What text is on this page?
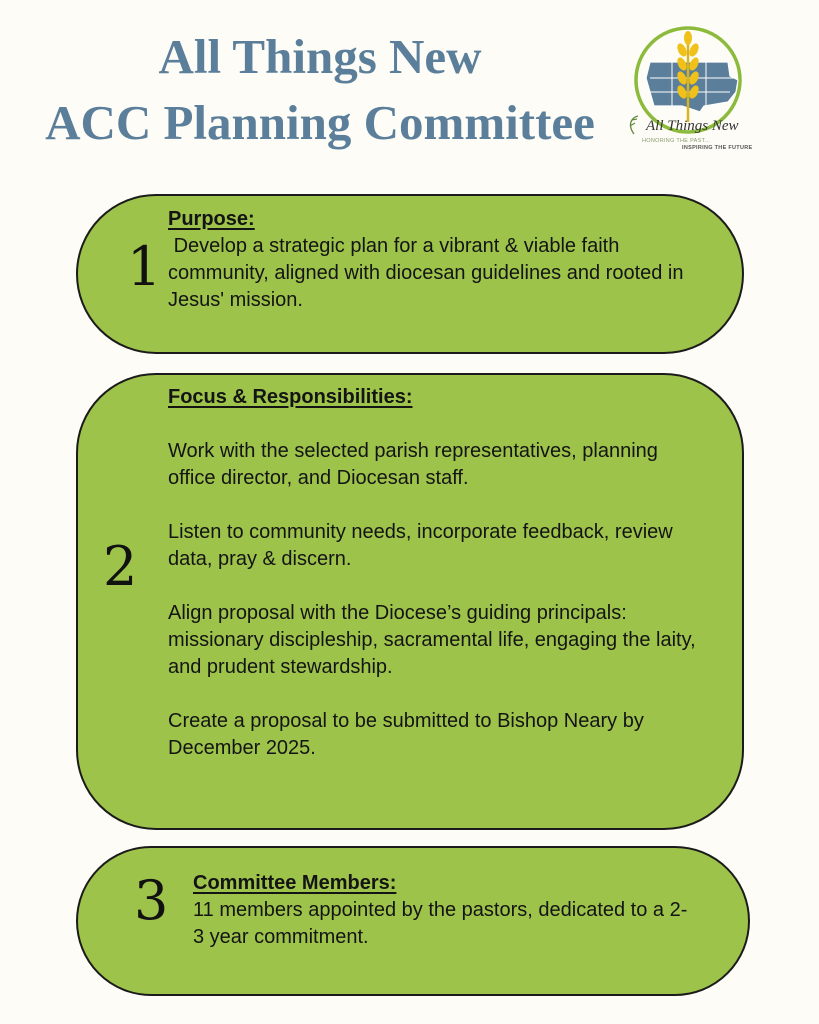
All Things New
ACC Planning Committee	All Things New
HONORING THE PAST...
INSPIRING THE FUTURE
1
Purpose:

Develop a strategic plan for a vibrant & viable faith community, aligned with diocesan guidelines and rooted in Jesus' mission.

2
Focus & Responsibilities:

Work with the selected parish representatives, planning office director, and Diocesan staff.

Listen to community needs, incorporate feedback, review data, pray & discern.

Align proposal with the Diocese’s guiding principals: missionary discipleship, sacramental life, engaging the laity, and prudent stewardship.

Create a proposal to be submitted to Bishop Neary by December 2025.

3 Committee Members:

11 members appointed by the pastors, dedicated to a 2-3 year commitment.
